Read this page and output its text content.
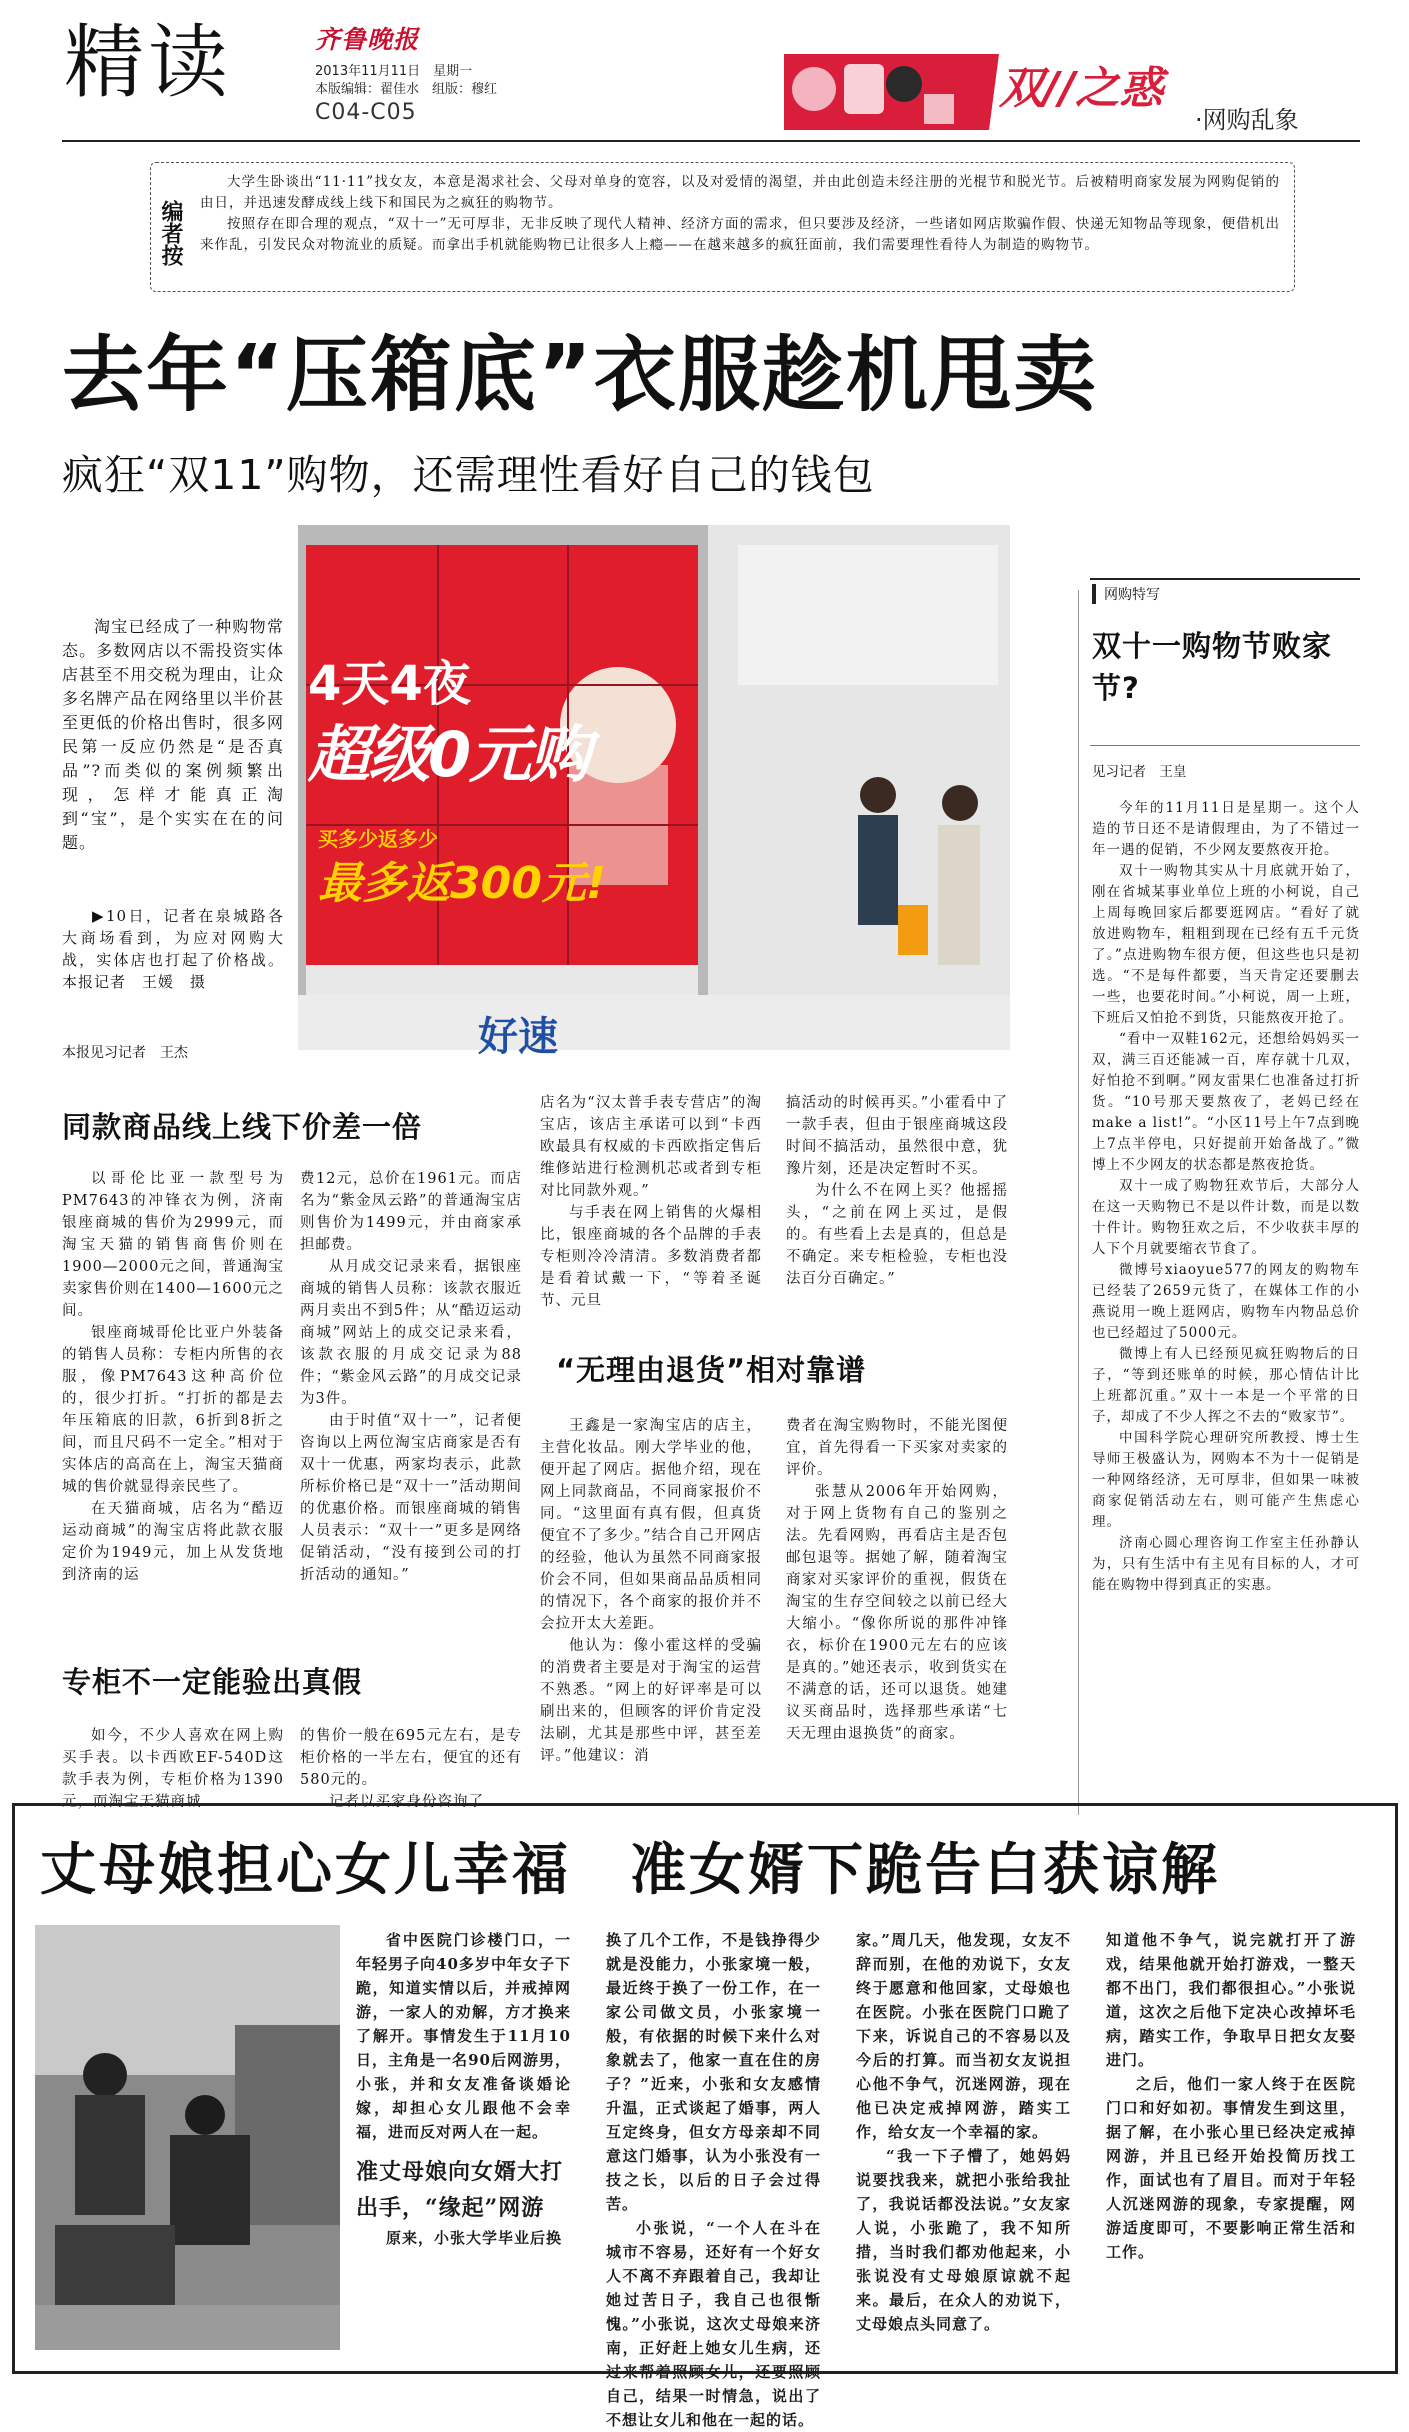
精读	齐鲁晚报
2013年11月11日　星期一
本版编辑：翟佳水　组版：穆红
C04-C05	双//之惑
·网购乱象
编者按

大学生卧谈出“11·11”找女友，本意是渴求社会、父母对单身的宽容，以及对爱情的渴望，并由此创造未经注册的光棍节和脱光节。后被精明商家发展为网购促销的由日，并迅速发酵成线上线下和国民为之疯狂的购物节。

按照存在即合理的观点，“双十一”无可厚非，无非反映了现代人精神、经济方面的需求，但只要涉及经济，一些诸如网店欺骗作假、快递无知物品等现象，便借机出来作乱，引发民众对物流业的质疑。而拿出手机就能购物已让很多人上瘾——在越来越多的疯狂面前，我们需要理性看待人为制造的购物节。

去年“压箱底”衣服趁机甩卖
疯狂“双11”购物，还需理性看好自己的钱包
4天4夜
超级0元购
买多少返多少
最多返300元!
好速

淘宝已经成了一种购物常态。多数网店以不需投资实体店甚至不用交税为理由，让众多名牌产品在网络里以半价甚至更低的价格出售时，很多网民第一反应仍然是“是否真品”?而类似的案例频繁出现，怎样才能真正淘到“宝”，是个实实在在的问题。

▶10日，记者在泉城路各大商场看到，为应对网购大战，实体店也打起了价格战。 本报记者　王媛　摄

本报见习记者　王杰
同款商品线上线下价差一倍

以哥伦比亚一款型号为PM7643的冲锋衣为例，济南银座商城的售价为2999元，而淘宝天猫的销售商售价则在1900—2000元之间，普通淘宝卖家售价则在1400—1600元之间。

银座商城哥伦比亚户外装备的销售人员称：专柜内所售的衣服，像PM7643这种高价位的，很少打折。“打折的都是去年压箱底的旧款，6折到8折之间，而且尺码不一定全。”相对于实体店的高高在上，淘宝天猫商城的售价就显得亲民些了。

在天猫商城，店名为“酷迈运动商城”的淘宝店将此款衣服定价为1949元，加上从发货地到济南的运

费12元，总价在1961元。而店名为“紫金凤云路”的普通淘宝店则售价为1499元，并由商家承担邮费。

从月成交记录来看，据银座商城的销售人员称：该款衣服近两月卖出不到5件；从“酷迈运动商城”网站上的成交记录来看，该款衣服的月成交记录为88件；“紫金风云路”的月成交记录为3件。

由于时值“双十一”，记者便咨询以上两位淘宝店商家是否有双十一优惠，两家均表示，此款所标价格已是“双十一”活动期间的优惠价格。而银座商城的销售人员表示：“双十一”更多是网络促销活动，“没有接到公司的打折活动的通知。”

店名为“汉太普手表专营店”的淘宝店，该店主承诺可以到“卡西欧最具有权威的卡西欧指定售后维修站进行检测机芯或者到专柜对比同款外观。”

与手表在网上销售的火爆相比，银座商城的各个品牌的手表专柜则冷冷清清。多数消费者都是看着试戴一下，“等着圣诞节、元旦

搞活动的时候再买。”小霍看中了一款手表，但由于银座商城这段时间不搞活动，虽然很中意，犹豫片刻，还是决定暂时不买。

为什么不在网上买？他摇摇头，“之前在网上买过，是假的。有些看上去是真的，但总是不确定。来专柜检验，专柜也没法百分百确定。”

“无理由退货”相对靠谱

王鑫是一家淘宝店的店主，主营化妆品。刚大学毕业的他，便开起了网店。据他介绍，现在网上同款商品，不同商家报价不同。“这里面有真有假，但真货便宜不了多少。”结合自己开网店的经验，他认为虽然不同商家报价会不同，但如果商品品质相同的情况下，各个商家的报价并不会拉开太大差距。

他认为：像小霍这样的受骗的消费者主要是对于淘宝的运营不熟悉。“网上的好评率是可以刷出来的，但顾客的评价肯定没法刷，尤其是那些中评，甚至差评。”他建议：消

费者在淘宝购物时，不能光图便宜，首先得看一下买家对卖家的评价。

张慧从2006年开始网购，对于网上货物有自己的鉴别之法。先看网购，再看店主是否包邮包退等。据她了解，随着淘宝商家对买家评价的重视，假货在淘宝的生存空间较之以前已经大大缩小。“像你所说的那件冲锋衣，标价在1900元左右的应该是真的。”她还表示，收到货实在不满意的话，还可以退货。她建议买商品时，选择那些承诺“七天无理由退换货”的商家。

专柜不一定能验出真假

如今，不少人喜欢在网上购买手表。以卡西欧EF-540D这款手表为例，专柜价格为1390元，而淘宝天猫商城

的售价一般在695元左右，是专柜价格的一半左右，便宜的还有580元的。

记者以买家身份咨询了

网购特写
双十一购物节败家节?
见习记者　王皇

今年的11月11日是星期一。这个人造的节日还不是请假理由，为了不错过一年一遇的促销，不少网友要熬夜开抢。

双十一购物其实从十月底就开始了，刚在省城某事业单位上班的小柯说，自己上周每晚回家后都要逛网店。“看好了就放进购物车，粗粗到现在已经有五千元货了。”点进购物车很方便，但这些也只是初选。“不是每件都要，当天肯定还要删去一些，也要花时间。”小柯说，周一上班，下班后又怕抢不到货，只能熬夜开抢了。

“看中一双鞋162元，还想给妈妈买一双，满三百还能减一百，库存就十几双，好怕抢不到啊。”网友雷果仁也准备过打折货。“10号那天要熬夜了，老妈已经在make a list!”。“小区11号上午7点到晚上7点半停电，只好提前开始备战了。”微博上不少网友的状态都是熬夜抢货。

双十一成了购物狂欢节后，大部分人在这一天购物已不是以件计数，而是以数十件计。购物狂欢之后，不少收获丰厚的人下个月就要缩衣节食了。

微博号xiaoyue577的网友的购物车已经装了2659元货了，在媒体工作的小燕说用一晚上逛网店，购物车内物品总价也已经超过了5000元。

微博上有人已经预见疯狂购物后的日子，“等到还账单的时候，那心情估计比上班都沉重。”双十一本是一个平常的日子，却成了不少人挥之不去的“败家节”。

中国科学院心理研究所教授、博士生导师王极盛认为，网购本不为十一促销是一种网络经济，无可厚非，但如果一味被商家促销活动左右，则可能产生焦虑心理。

济南心圆心理咨询工作室主任孙静认为，只有生活中有主见有目标的人，才可能在购物中得到真正的实惠。

丈母娘担心女儿幸福　准女婿下跪告白获谅解

省中医院门诊楼门口，一年轻男子向40多岁中年女子下跪，知道实情以后，并戒掉网游，一家人的劝解，方才换来了解开。事情发生于11月10日，主角是一名90后网游男，小张，并和女友准备谈婚论嫁，却担心女儿跟他不会幸福，进而反对两人在一起。

准丈母娘向女婿大打
出手，“缘起”网游

原来，小张大学毕业后换

换了几个工作，不是钱挣得少就是没能力，小张家境一般，最近终于换了一份工作，在一家公司做文员，小张家境一般，有依据的时候下来什么对象就去了，他家一直在住的房子？”近来，小张和女友感情升温，正式谈起了婚事，两人互定终身，但女方母亲却不同意这门婚事，认为小张没有一技之长，以后的日子会过得苦。

小张说，“一个人在斗在城市不容易，还好有一个好女人不离不弃跟着自己，我却让她过苦日子，我自己也很惭愧。”小张说，这次丈母娘来济南，正好赶上她女儿生病，还过来帮着照顾女儿，还要照顾自己，结果一时情急，说出了不想让女儿和他在一起的话。

家。”周几天，他发现，女友不辞而别，在他的劝说下，女友终于愿意和他回家，丈母娘也在医院。小张在医院门口跪了下来，诉说自己的不容易以及今后的打算。而当初女友说担心他不争气，沉迷网游，现在他已决定戒掉网游，踏实工作，给女友一个幸福的家。

“我一下子懵了，她妈妈说要找我来，就把小张给我扯了，我说话都没法说。”女友家人说，小张跪了，我不知所措，当时我们都劝他起来，小张说没有丈母娘原谅就不起来。最后，在众人的劝说下，丈母娘点头同意了。

知道他不争气，说完就打开了游戏，结果他就开始打游戏，一整天都不出门，我们都很担心。”小张说道，这次之后他下定决心改掉坏毛病，踏实工作，争取早日把女友娶进门。

之后，他们一家人终于在医院门口和好如初。事情发生到这里，据了解，在小张心里已经决定戒掉网游，并且已经开始投简历找工作，面试也有了眉目。而对于年轻人沉迷网游的现象，专家提醒，网游适度即可，不要影响正常生活和工作。
